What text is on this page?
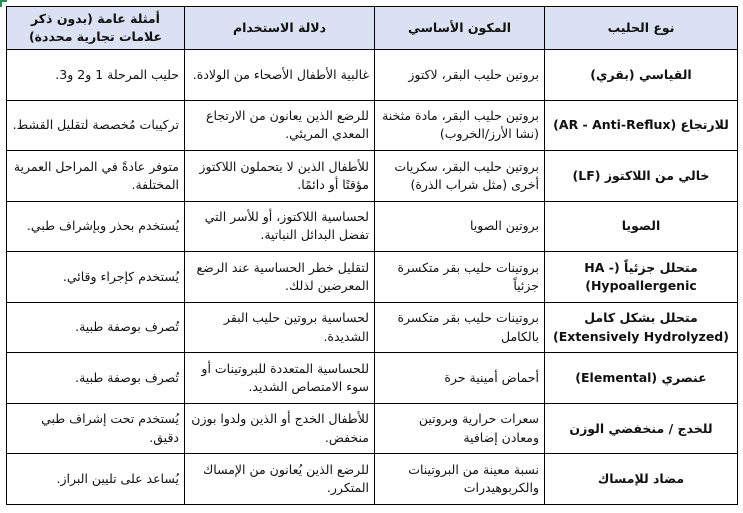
نوع الحليب	المكون الأساسي	دلالة الاستخدام	أمثلة عامة (بدون ذكر علامات تجارية محددة)
القياسي (بقري)	بروتين حليب البقر، لاكتوز	غالبية الأطفال الأصحاء من الولادة.	حليب المرحلة 1 و2 و3.
للارتجاع (AR - Anti-Reflux)	بروتين حليب البقر، مادة مثخنة (نشا الأرز/الخروب)	للرضع الذين يعانون من الارتجاع المعدي المريئي.	تركيبات مُخصصة لتقليل القشط.
خالي من اللاكتوز (LF)	بروتين حليب البقر، سكريات أخرى (مثل شراب الذرة)	للأطفال الذين لا يتحملون اللاكتوز مؤقتًا أو دائمًا.	متوفر عادةً في المراحل العمرية المختلفة.
الصويا	بروتين الصويا	لحساسية اللاكتوز، أو للأسر التي تفضل البدائل النباتية.	يُستخدم بحذر وبإشراف طبي.
متحلل جزئياً (HA - Hypoallergenic)	بروتينات حليب بقر متكسرة جزئياً	لتقليل خطر الحساسية عند الرضع المعرضين لذلك.	يُستخدم كإجراء وقائي.
متحلل بشكل كامل (Extensively Hydrolyzed)	بروتينات حليب بقر متكسرة بالكامل	لحساسية بروتين حليب البقر الشديدة.	تُصرف بوصفة طبية.
عنصري (Elemental)	أحماض أمينية حرة	للحساسية المتعددة للبروتينات أو سوء الامتصاص الشديد.	تُصرف بوصفة طبية.
للخدج / منخفضي الوزن	سعرات حرارية وبروتين ومعادن إضافية	للأطفال الخدج أو الذين ولدوا بوزن منخفض.	يُستخدم تحت إشراف طبي دقيق.
مضاد للإمساك	نسبة معينة من البروتينات والكربوهيدرات	للرضع الذين يُعانون من الإمساك المتكرر.	يُساعد على تليين البراز.
